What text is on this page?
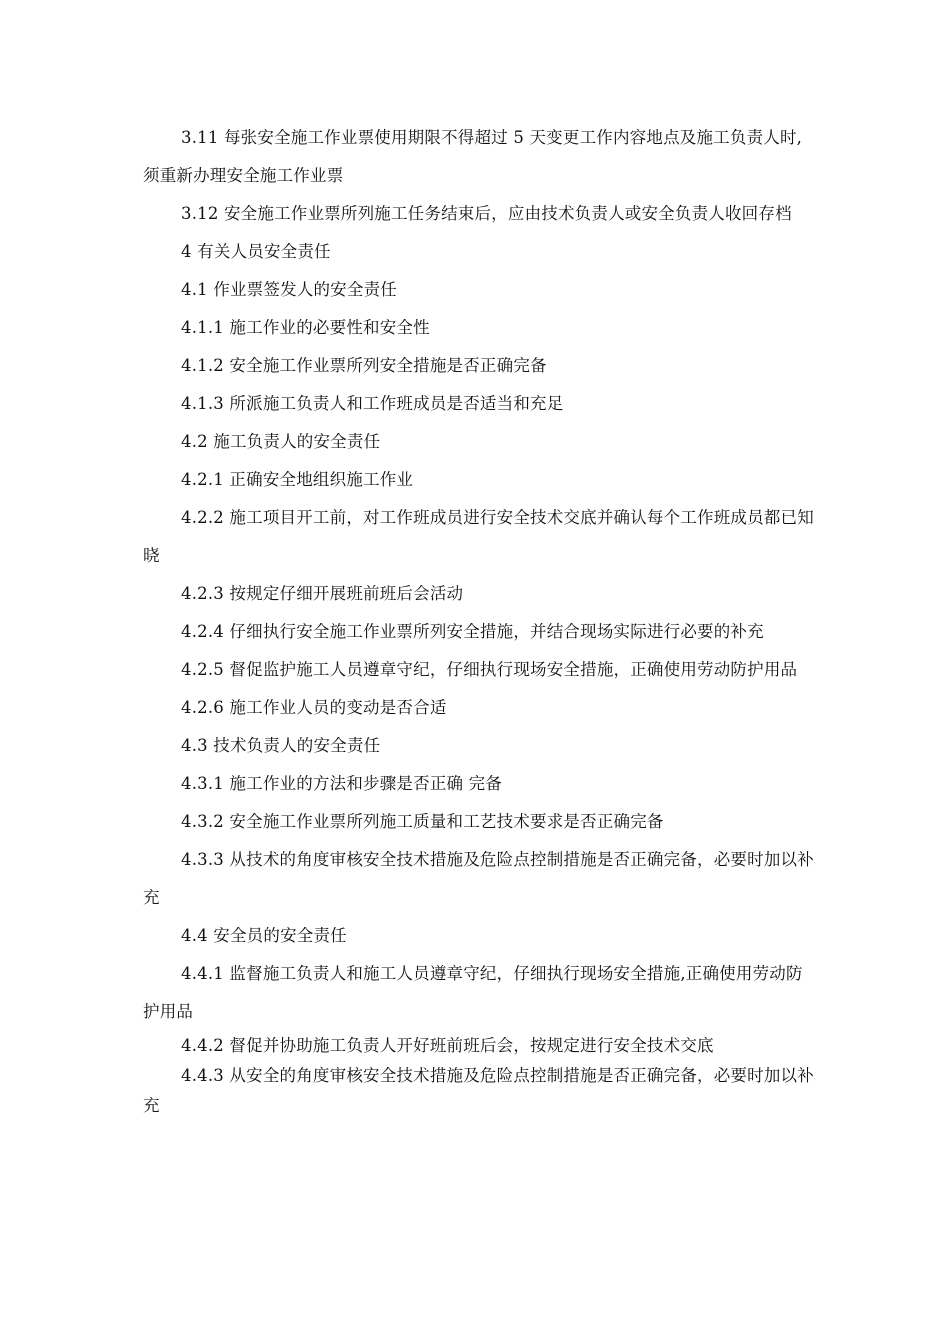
3.11 每张安全施工作业票使用期限不得超过 5 天变更工作内容地点及施工负责人时,须重新办理安全施工作业票

3.12 安全施工作业票所列施工任务结束后，应由技术负责人或安全负责人收回存档

4 有关人员安全责任

4.1 作业票签发人的安全责任

4.1.1 施工作业的必要性和安全性

4.1.2 安全施工作业票所列安全措施是否正确完备

4.1.3 所派施工负责人和工作班成员是否适当和充足

4.2 施工负责人的安全责任

4.2.1 正确安全地组织施工作业

4.2.2 施工项目开工前，对工作班成员进行安全技术交底并确认每个工作班成员都已知晓

4.2.3 按规定仔细开展班前班后会活动

4.2.4 仔细执行安全施工作业票所列安全措施，并结合现场实际进行必要的补充

4.2.5 督促监护施工人员遵章守纪，仔细执行现场安全措施，正确使用劳动防护用品

4.2.6 施工作业人员的变动是否合适

4.3 技术负责人的安全责任

4.3.1 施工作业的方法和步骤是否正确 完备

4.3.2 安全施工作业票所列施工质量和工艺技术要求是否正确完备

4.3.3 从技术的角度审核安全技术措施及危险点控制措施是否正确完备，必要时加以补充

4.4 安全员的安全责任

4.4.1 监督施工负责人和施工人员遵章守纪，仔细执行现场安全措施,正确使用劳动防护用品

4.4.2 督促并协助施工负责人开好班前班后会，按规定进行安全技术交底

4.4.3 从安全的角度审核安全技术措施及危险点控制措施是否正确完备，必要时加以补充
